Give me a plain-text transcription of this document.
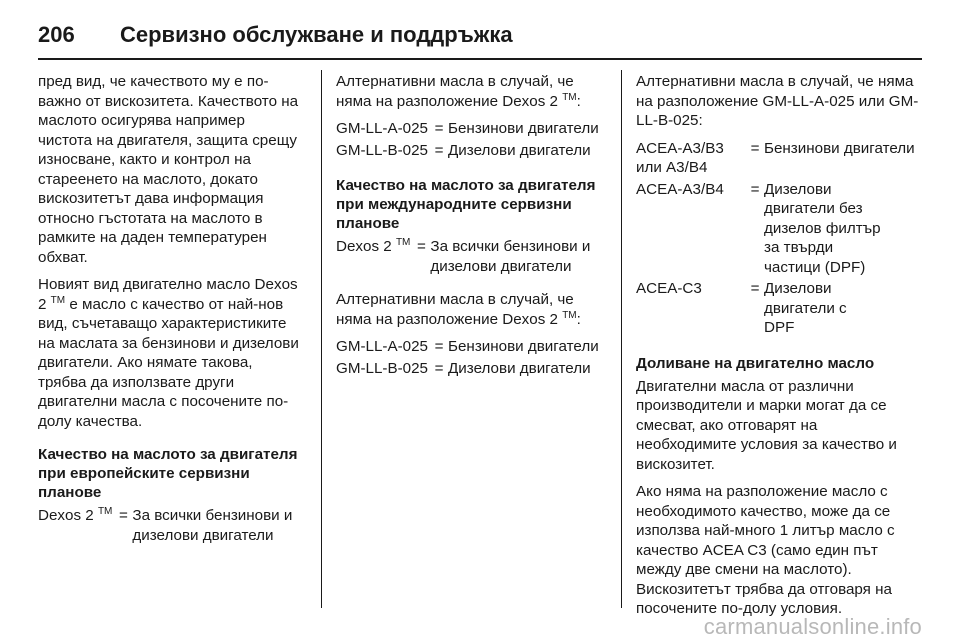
206	Сервизно обслужване и поддръжка

пред вид, че качеството му е по-важно от вискозитета. Качеството на маслото осигурява например чистота на двигателя, защита срещу износване, както и контрол на стареенето на маслото, докато вискозитетът дава информация относно гъстотата на маслото в рамките на даден температурен обхват.

Новият вид двигателно масло Dexos 2 ™ е масло с качество от най-нов вид, съчетаващо характеристиките на маслата за бензинови и дизелови двигатели. Ако нямате такова, трябва да използвате други двигателни масла с посочените по-долу качества.

Качество на маслото за двигателя при европейските сервизни планове
Dexos 2 ™ = За всички бензинови и дизелови двигатели

Алтернативни масла в случай, че няма на разположение Dexos 2 ™:

GM-LL-A-025 = Бензинови двигатели
GM-LL-B-025 = Дизелови двигатели
Качество на маслото за двигателя при международните сервизни планове
Dexos 2 ™ = За всички бензинови и дизелови двигатели

Алтернативни масла в случай, че няма на разположение Dexos 2 ™:

GM-LL-A-025 = Бензинови двигатели
GM-LL-B-025 = Дизелови двигатели

Алтернативни масла в случай, че няма на разположение GM-LL-A-025 или GM-LL-B-025:

ACEA-A3/B3 или A3/B4
= Бензинови двигатели
ACEA-A3/B4	= Дизелови двигатели без дизелов филтър за твърди частици (DPF)
ACEA-C3	= Дизелови двигатели с DPF
Доливане на двигателно масло

Двигателни масла от различни производители и марки могат да се смесват, ако отговарят на необходимите условия за качество и вискозитет.

Ако няма на разположение масло с необходимото качество, може да се използва най-много 1 литър масло с качество ACEA C3 (само един път между две смени на маслото). Вискозитетът трябва да отговаря на посочените по-долу условия.

carmanualsonline.info
